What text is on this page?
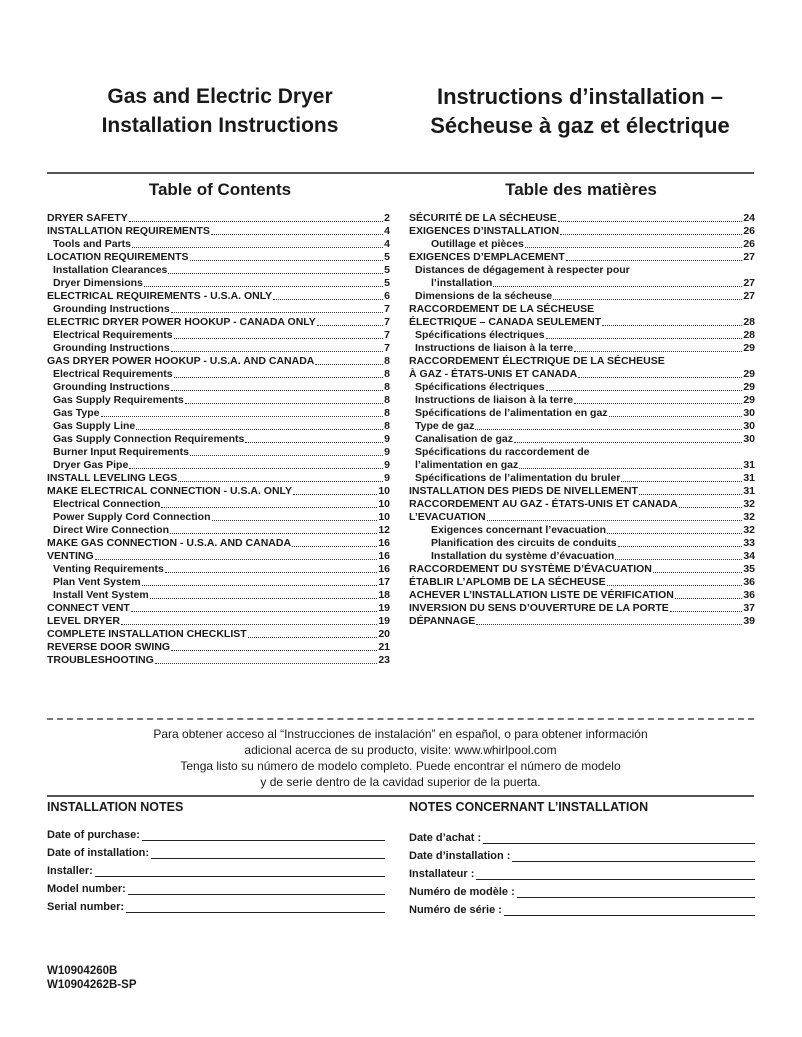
Gas and Electric Dryer
Installation Instructions
Instructions d’installation –
Sécheuse à gaz et électrique
Table of Contents	Table des matières
DRYER SAFETY	2
INSTALLATION REQUIREMENTS	4
Tools and Parts	4
LOCATION REQUIREMENTS	5
Installation Clearances	5
Dryer Dimensions	5
ELECTRICAL REQUIREMENTS - U.S.A. ONLY	6
Grounding Instructions	7
ELECTRIC DRYER POWER HOOKUP - CANADA ONLY	7
Electrical Requirements	7
Grounding Instructions	7
GAS DRYER POWER HOOKUP - U.S.A. AND CANADA	8
Electrical Requirements	8
Grounding Instructions	8
Gas Supply Requirements	8
Gas Type	8
Gas Supply Line	8
Gas Supply Connection Requirements	9
Burner Input Requirements	9
Dryer Gas Pipe	9
INSTALL LEVELING LEGS	9
MAKE ELECTRICAL CONNECTION - U.S.A. ONLY	10
Electrical Connection	10
Power Supply Cord Connection	10
Direct Wire Connection	12
MAKE GAS CONNECTION - U.S.A. AND CANADA	16
VENTING	16
Venting Requirements	16
Plan Vent System	17
Install Vent System	18
CONNECT VENT	19
LEVEL DRYER	19
COMPLETE INSTALLATION CHECKLIST	20
REVERSE DOOR SWING	21
TROUBLESHOOTING	23
SÉCURITÉ DE LA SÉCHEUSE	24
EXIGENCES D’INSTALLATION	26
Outillage et pièces	26
EXIGENCES D’EMPLACEMENT	27
Distances de dégagement à respecter pour
l’installation	27
Dimensions de la sécheuse	27
RACCORDEMENT DE LA SÉCHEUSE
ÉLECTRIQUE – CANADA SEULEMENT	28
Spécifications électriques	28
Instructions de liaison à la terre	29
RACCORDEMENT ÉLECTRIQUE DE LA SÉCHEUSE
À GAZ - ÉTATS-UNIS ET CANADA	29
Spécifications électriques	29
Instructions de liaison à la terre	29
Spécifications de l’alimentation en gaz	30
Type de gaz	30
Canalisation de gaz	30
Spécifications du raccordement de
l’alimentation en gaz	31
Spécifications de l’alimentation du bruler	31
INSTALLATION DES PIEDS DE NIVELLEMENT	31
RACCORDEMENT AU GAZ - ÉTATS-UNIS ET CANADA	32
L’EVACUATION	32
Exigences concernant l’evacuation	32
Planification des circuits de conduits	33
Installation du système d’évacuation	34
RACCORDEMENT DU SYSTÈME D’ÉVACUATION	35
ÉTABLIR L’APLOMB DE LA SÉCHEUSE	36
ACHEVER L’INSTALLATION LISTE DE VÉRIFICATION	36
INVERSION DU SENS D’OUVERTURE DE LA PORTE	37
DÉPANNAGE	39
Para obtener acceso al “Instrucciones de instalación” en español, o para obtener información
adicional acerca de su producto, visite: www.whirlpool.com
Tenga listo su número de modelo completo. Puede encontrar el número de modelo
y de serie dentro de la cavidad superior de la puerta.
INSTALLATION NOTES	NOTES CONCERNANT L’INSTALLATION
Date of purchase:
Date of installation:
Installer:
Model number:
Serial number:
Date d’achat :
Date d’installation :
Installateur :
Numéro de modèle :
Numéro de série :
W10904260B
W10904262B-SP
